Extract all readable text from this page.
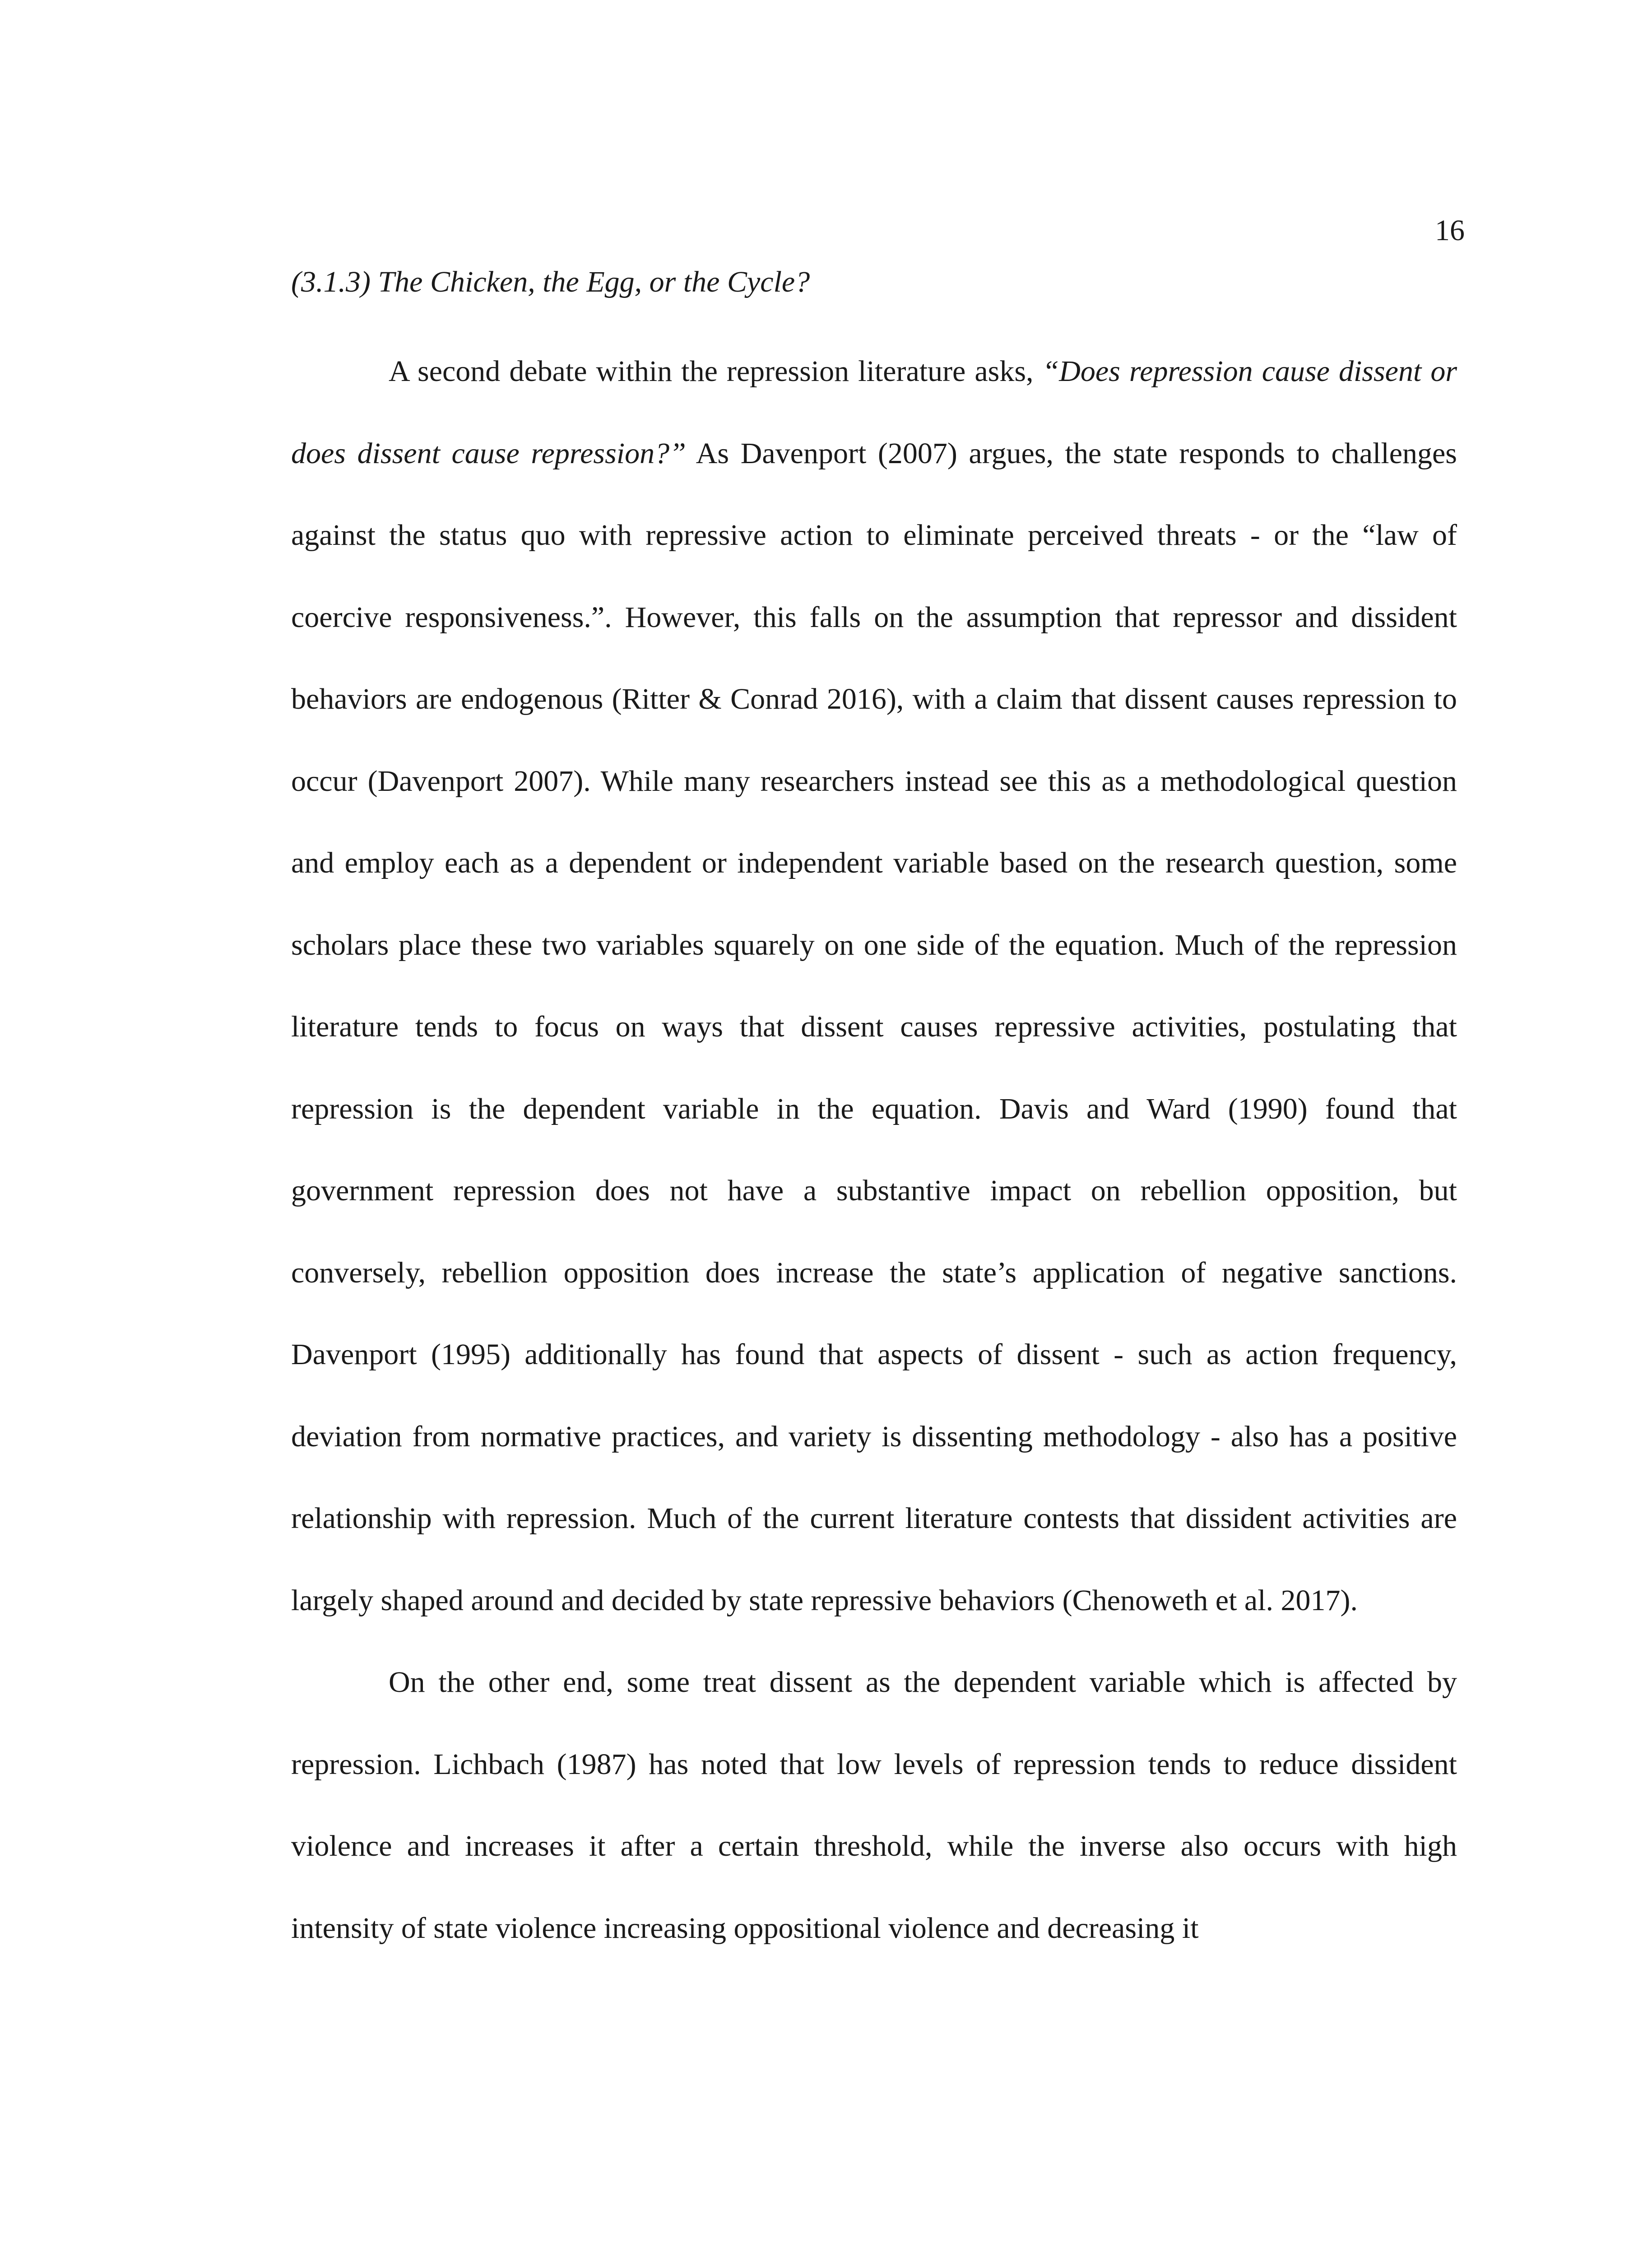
16

(3.1.3) The Chicken, the Egg, or the Cycle?

A second debate within the repression literature asks, “Does repression cause dissent or does dissent cause repression?” As Davenport (2007) argues, the state responds to challenges against the status quo with repressive action to eliminate perceived threats - or the “law of coercive responsiveness.”. However, this falls on the assumption that repressor and dissident behaviors are endogenous (Ritter & Conrad 2016), with a claim that dissent causes repression to occur (Davenport 2007). While many researchers instead see this as a methodological question and employ each as a dependent or independent variable based on the research question, some scholars place these two variables squarely on one side of the equation. Much of the repression literature tends to focus on ways that dissent causes repressive activities, postulating that repression is the dependent variable in the equation. Davis and Ward (1990) found that government repression does not have a substantive impact on rebellion opposition, but conversely, rebellion opposition does increase the state’s application of negative sanctions. Davenport (1995) additionally has found that aspects of dissent - such as action frequency, deviation from normative practices, and variety is dissenting methodology - also has a positive relationship with repression. Much of the current literature contests that dissident activities are largely shaped around and decided by state repressive behaviors (Chenoweth et al. 2017).

On the other end, some treat dissent as the dependent variable which is affected by repression. Lichbach (1987) has noted that low levels of repression tends to reduce dissident violence and increases it after a certain threshold, while the inverse also occurs with high intensity of state violence increasing oppositional violence and decreasing it
